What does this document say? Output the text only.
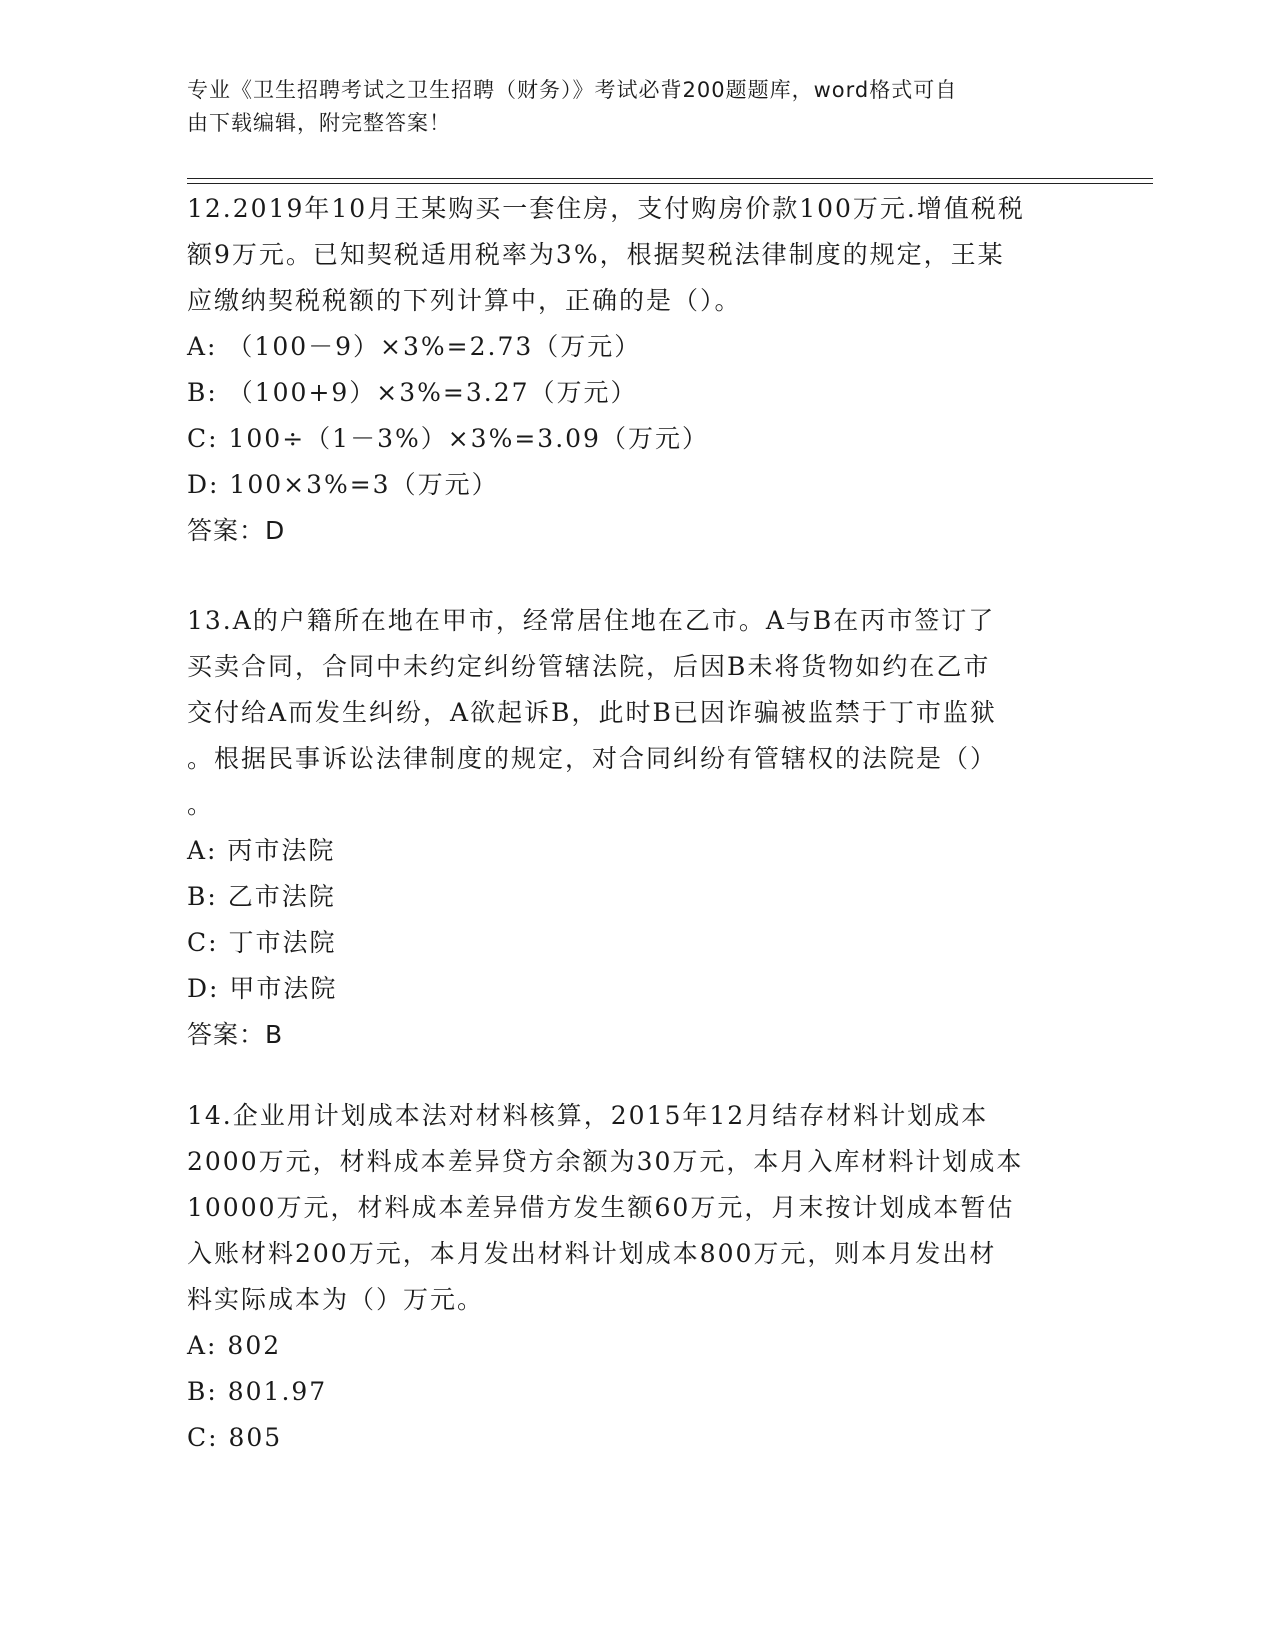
专业《卫生招聘考试之卫生招聘（财务）》考试必背200题题库，word格式可自
由下载编辑，附完整答案！

12.2019年10月王某购买一套住房，支付购房价款100万元.增值税税

额9万元。已知契税适用税率为3%，根据契税法律制度的规定，王某

应缴纳契税税额的下列计算中，正确的是（）。

A: （100－9）×3%=2.73（万元）

B: （100+9）×3%=3.27（万元）

C: 100÷（1－3%）×3%=3.09（万元）

D: 100×3%=3（万元）

答案：D

13.A的户籍所在地在甲市，经常居住地在乙市。A与B在丙市签订了

买卖合同，合同中未约定纠纷管辖法院，后因B未将货物如约在乙市

交付给A而发生纠纷，A欲起诉B，此时B已因诈骗被监禁于丁市监狱

。根据民事诉讼法律制度的规定，对合同纠纷有管辖权的法院是（）

。

A: 丙市法院

B: 乙市法院

C: 丁市法院

D: 甲市法院

答案：B

14.企业用计划成本法对材料核算，2015年12月结存材料计划成本

2000万元，材料成本差异贷方余额为30万元，本月入库材料计划成本

10000万元，材料成本差异借方发生额60万元，月末按计划成本暂估

入账材料200万元，本月发出材料计划成本800万元，则本月发出材

料实际成本为（）万元。

A: 802

B: 801.97

C: 805
